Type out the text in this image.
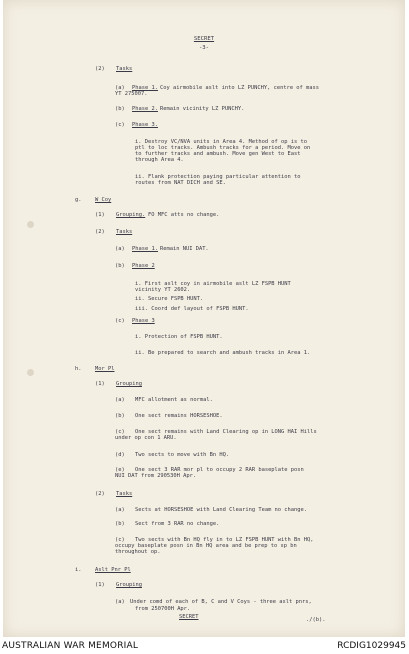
SECRET
-3-
(2) Tasks
(a) Phase 1. Coy airmobile aslt into LZ PUNCHY, centre of mass
YT 275007.
(b) Phase 2. Remain vicinity LZ PUNCHY.
(c) Phase 3.
i. Destroy VC/NVA units in Area 4. Method of op is to
ptl to loc tracks. Ambush tracks for a period. Move on
to further tracks and ambush. Move gen West to East
through Area 4.
ii. Flank protection paying particular attention to
routes from NAT DICH and SE.
g.	W Coy
(1) Grouping. FO MFC atts no change.
(2) Tasks
(a) Phase 1. Remain NUI DAT.
(b) Phase 2
i. First aslt coy in airmobile aslt LZ FSPB HUNT
vicinity YT 2602.
ii. Secure FSPB HUNT.
iii. Coord def layout of FSPB HUNT.
(c) Phase 3
i. Protection of FSPB HUNT.
ii. Be prepared to search and ambush tracks in Area 1.
h.	Mor Pl
(1) Grouping
(a) MFC allotment as normal.
(b) One sect remains HORSESHOE.
(c) One sect remains with Land Clearing op in LONG HAI Hills
under op con 1 ARU.
(d) Two sects to move with Bn HQ.
(e) One sect 3 RAR mor pl to occupy 2 RAR baseplate posn
NUI DAT from 290530H Apr.
(2) Tasks
(a) Sects at HORSESHOE with Land Clearing Team no change.
(b) Sect from 3 RAR no change.
(c) Two sects with Bn HQ fly in to LZ FSPB HUNT with Bn HQ,
occupy baseplate posn in Bn HQ area and be prep to sp bn
throughout op.
i.	Aslt Pnr Pl
(1) Grouping
(a) Under comd of each of B, C and V Coys - three aslt pnrs,
from 250700H Apr.
SECRET	./(b).
AUSTRALIAN WAR MEMORIAL	RCDIG1029945
